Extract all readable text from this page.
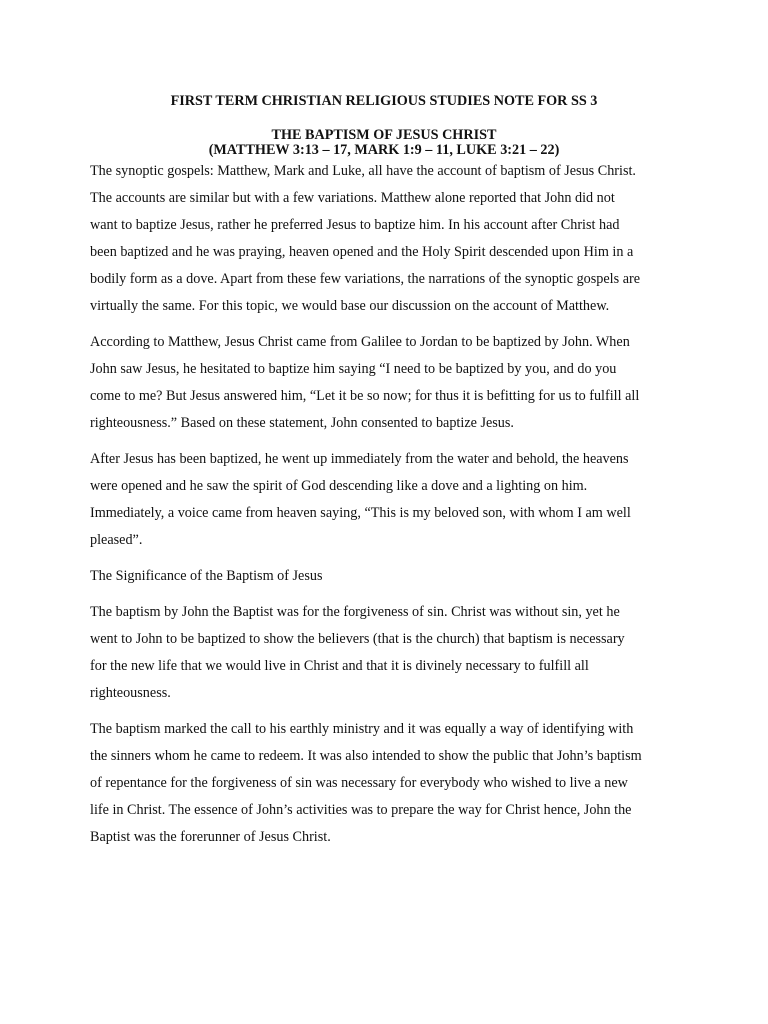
FIRST TERM CHRISTIAN RELIGIOUS STUDIES NOTE FOR SS 3
THE BAPTISM OF JESUS CHRIST
(MATTHEW 3:13 – 17, MARK 1:9 – 11, LUKE 3:21 – 22)

The synoptic gospels: Matthew, Mark and Luke, all have the account of baptism of Jesus Christ.
The accounts are similar but with a few variations. Matthew alone reported that John did not
want to baptize Jesus, rather he preferred Jesus to baptize him. In his account after Christ had
been baptized and he was praying, heaven opened and the Holy Spirit descended upon Him in a
bodily form as a dove. Apart from these few variations, the narrations of the synoptic gospels are
virtually the same. For this topic, we would base our discussion on the account of Matthew.

According to Matthew, Jesus Christ came from Galilee to Jordan to be baptized by John. When
John saw Jesus, he hesitated to baptize him saying “I need to be baptized by you, and do you
come to me? But Jesus answered him, “Let it be so now; for thus it is befitting for us to fulfill all
righteousness.” Based on these statement, John consented to baptize Jesus.

After Jesus has been baptized, he went up immediately from the water and behold, the heavens
were opened and he saw the spirit of God descending like a dove and a lighting on him.
Immediately, a voice came from heaven saying, “This is my beloved son, with whom I am well
pleased”.

The Significance of the Baptism of Jesus

The baptism by John the Baptist was for the forgiveness of sin. Christ was without sin, yet he
went to John to be baptized to show the believers (that is the church) that baptism is necessary
for the new life that we would live in Christ and that it is divinely necessary to fulfill all
righteousness.

The baptism marked the call to his earthly ministry and it was equally a way of identifying with
the sinners whom he came to redeem. It was also intended to show the public that John’s baptism
of repentance for the forgiveness of sin was necessary for everybody who wished to live a new
life in Christ. The essence of John’s activities was to prepare the way for Christ hence, John the
Baptist was the forerunner of Jesus Christ.
